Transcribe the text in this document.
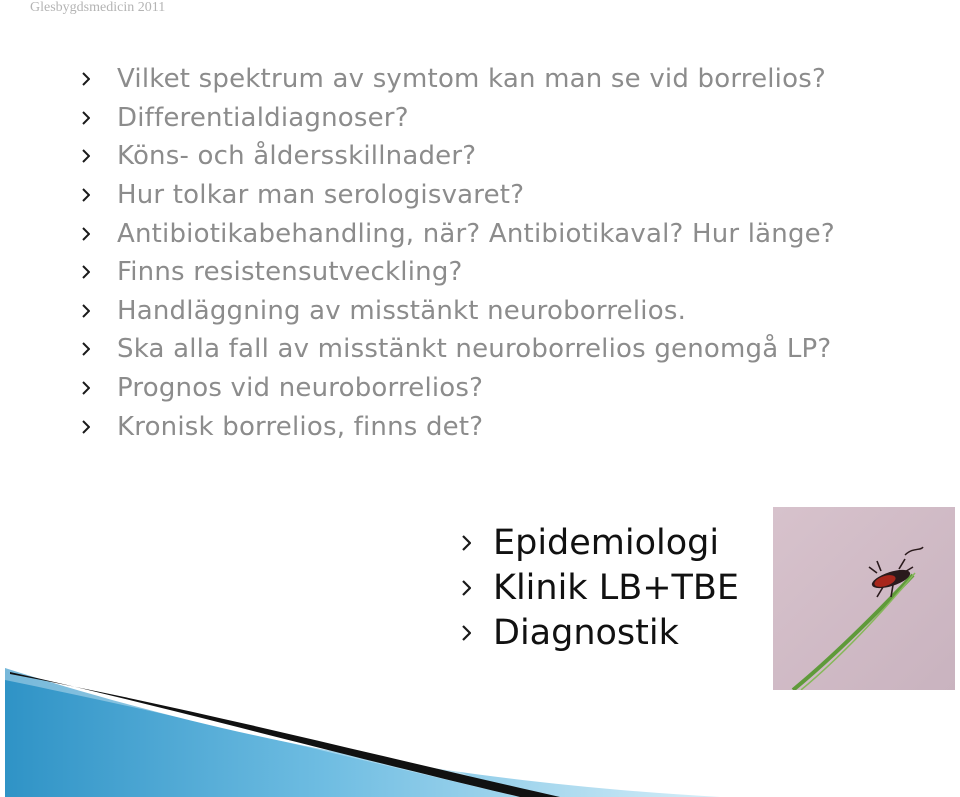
Glesbygdsmedicin 2011
Vilket spektrum av symtom kan man se vid borrelios?
Differentialdiagnoser?
Köns- och åldersskillnader?
Hur tolkar man serologisvaret?
Antibiotikabehandling, när? Antibiotikaval? Hur länge?
Finns resistensutveckling?
Handläggning av misstänkt neuroborrelios.
Ska alla fall av misstänkt neuroborrelios genomgå LP?
Prognos vid neuroborrelios?
Kronisk borrelios, finns det?
Epidemiologi
Klinik LB+TBE
Diagnostik
